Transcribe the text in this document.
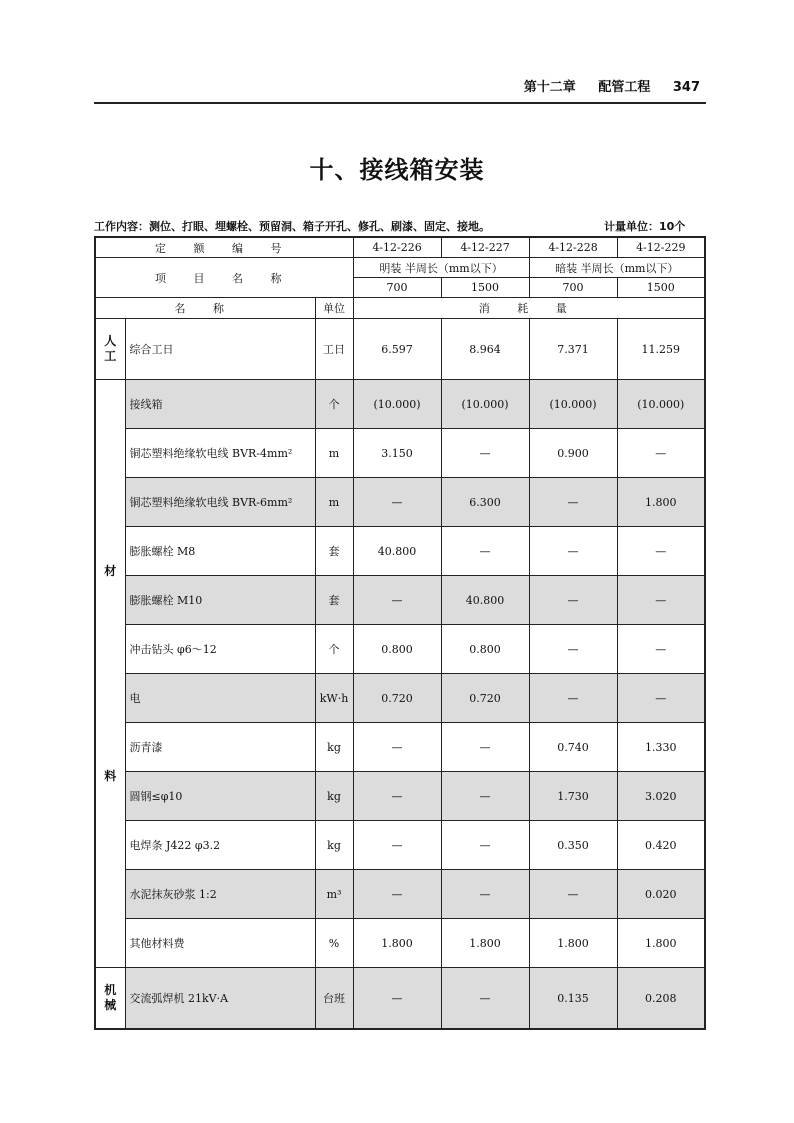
第十二章 配管工程 347
十、接线箱安装
工作内容：测位、打眼、埋螺栓、预留洞、箱子开孔、修孔、刷漆、固定、接地。	计量单位：10个
定 额 编 号			4-12-226	4-12-227	4-12-228	4-12-229
项 目 名 称			明装 半周长（mm以下）		暗装 半周长（mm以下）	
			700	1500	700	1500
名 称		单位	消 耗 量			

人工	综合工日	工日	6.597	8.964	7.371	11.259

材
料	接线箱	个	(10.000)	(10.000)	(10.000)	(10.000)
	铜芯塑料绝缘软电线 BVR-4mm²	m	3.150	—	0.900	—
	铜芯塑料绝缘软电线 BVR-6mm²	m	—	6.300	—	1.800
	膨胀螺栓 M8	套	40.800	—	—	—
	膨胀螺栓 M10	套	—	40.800	—	—
	冲击钻头 φ6～12	个	0.800	0.800	—	—
	电	kW·h	0.720	0.720	—	—
	沥青漆	kg	—	—	0.740	1.330
	圆钢≤φ10	kg	—	—	1.730	3.020
	电焊条 J422 φ3.2	kg	—	—	0.350	0.420
	水泥抹灰砂浆 1:2	m³	—	—	—	0.020
	其他材料费	%	1.800	1.800	1.800	1.800

机械	交流弧焊机 21kV·A	台班	—	—	0.135	0.208
